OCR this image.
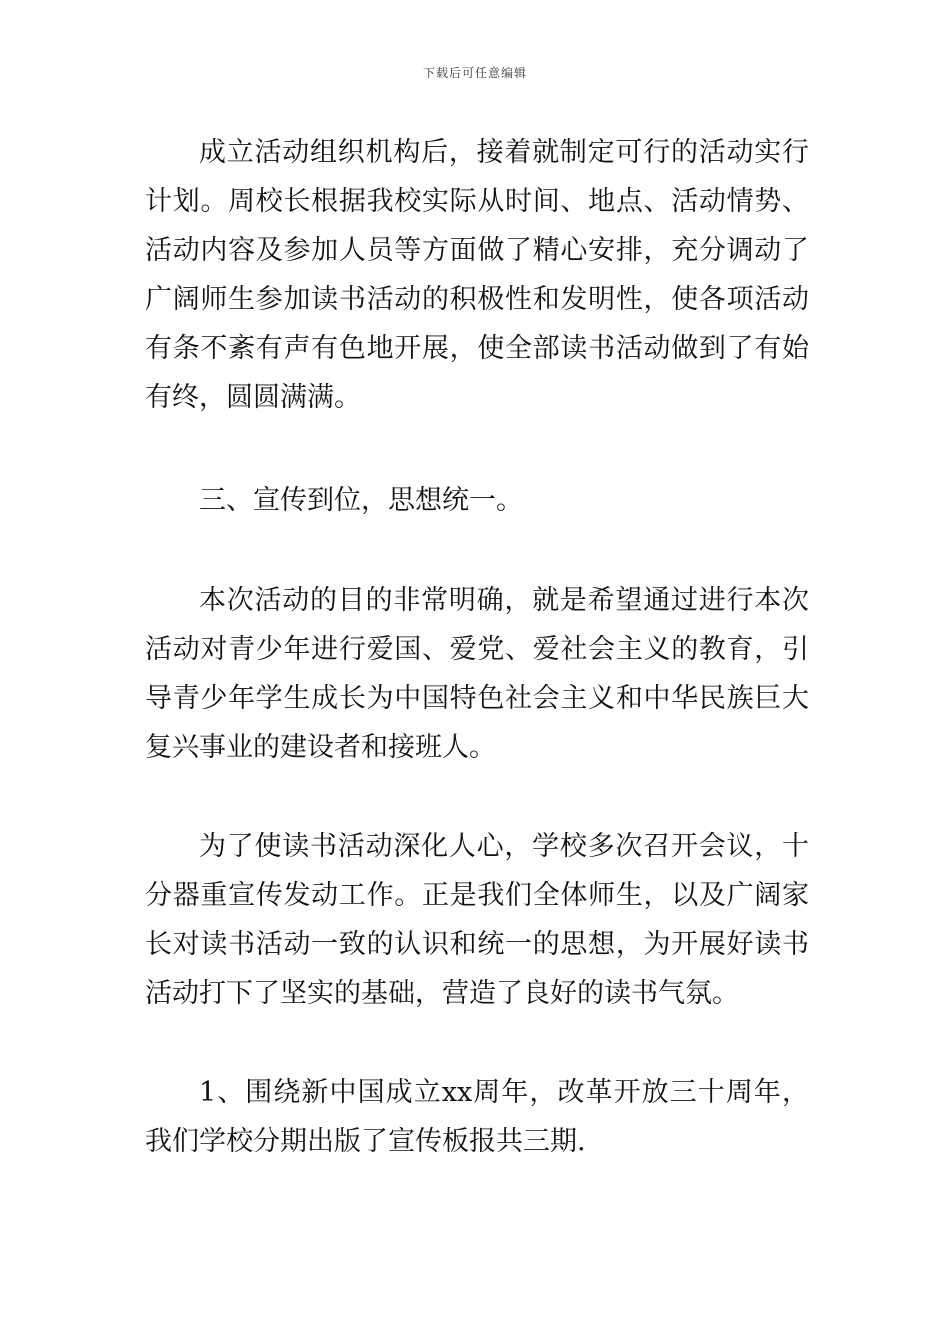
下载后可任意编辑

成立活动组织机构后，接着就制定可行的活动实行计划。周校长根据我校实际从时间、地点、活动情势、活动内容及参加人员等方面做了精心安排，充分调动了广阔师生参加读书活动的积极性和发明性，使各项活动有条不紊有声有色地开展，使全部读书活动做到了有始有终，圆圆满满。

三、宣传到位，思想统一。

本次活动的目的非常明确，就是希望通过进行本次活动对青少年进行爱国、爱党、爱社会主义的教育，引导青少年学生成长为中国特色社会主义和中华民族巨大复兴事业的建设者和接班人。

为了使读书活动深化人心，学校多次召开会议，十分器重宣传发动工作。正是我们全体师生，以及广阔家长对读书活动一致的认识和统一的思想，为开展好读书活动打下了坚实的基础，营造了良好的读书气氛。

1、围绕新中国成立xx周年，改革开放三十周年，我们学校分期出版了宣传板报共三期.
